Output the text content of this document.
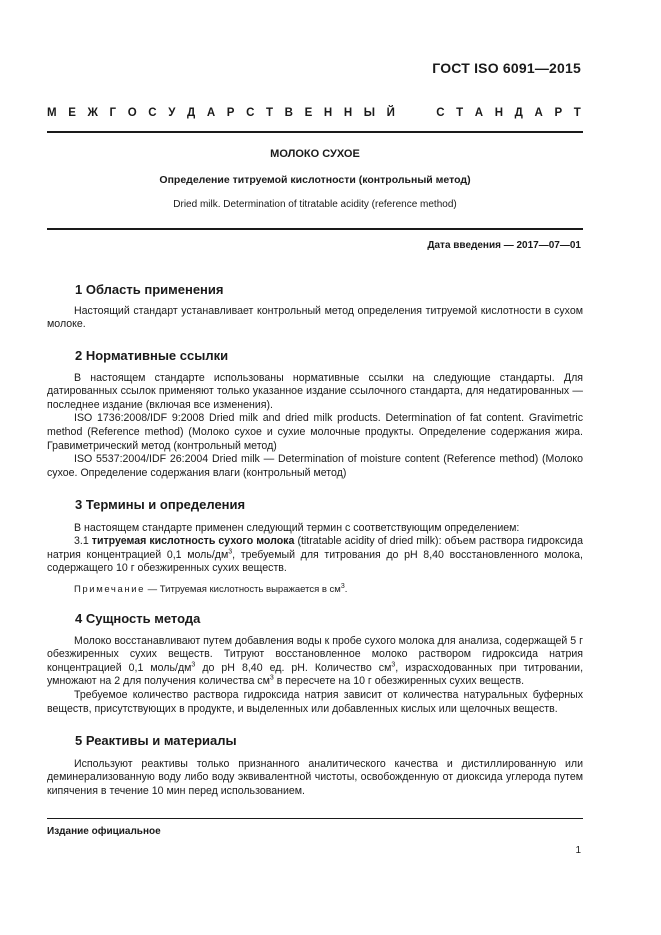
ГОСТ ISO 6091—2015
М Е Ж Г О С У Д А Р С Т В Е Н Н Ы Й

	С Т А Н Д А Р Т
МОЛОКО СУХОЕ
Определение титруемой кислотности (контрольный метод)
Dried milk. Determination of titratable acidity (reference method)
Дата введения — 2017—07—01
1 Область применения

Настоящий стандарт устанавливает контрольный метод определения титруемой кислотности в сухом молоке.

2 Нормативные ссылки

В настоящем стандарте использованы нормативные ссылки на следующие стандарты. Для датированных ссылок применяют только указанное издание ссылочного стандарта, для недатированных — последнее издание (включая все изменения).

ISO 1736:2008/IDF 9:2008 Dried milk and dried milk products. Determination of fat content. Gravimetric method (Reference method) (Молоко сухое и сухие молочные продукты. Определение содержания жира. Гравиметрический метод (контрольный метод)

ISO 5537:2004/IDF 26:2004 Dried milk — Determination of moisture content (Reference method) (Молоко сухое. Определение содержания влаги (контрольный метод)

3 Термины и определения

В настоящем стандарте применен следующий термин с соответствующим определением:

3.1 титруемая кислотность сухого молока (titratable acidity of dried milk): объем раствора гидроксида натрия концентрацией 0,1 моль/$дм^3$, требуемый для титрования до pH 8,40 восстановленного молока, содержащего 10 г обезжиренных сухих веществ.

Примечание — Титруемая кислотность выражается в $см^3$.

4 Сущность метода

Молоко восстанавливают путем добавления воды к пробе сухого молока для анализа, содержащей 5 г обезжиренных сухих веществ. Титруют восстановленное молоко раствором гидроксида натрия концентрацией 0,1 моль/$дм^3$ до pH 8,40 ед. pH. Количество $см^3$, израсходованных при титровании, умножают на 2 для получения количества $см^3$ в пересчете на 10 г обезжиренных сухих веществ.

Требуемое количество раствора гидроксида натрия зависит от количества натуральных буферных веществ, присутствующих в продукте, и выделенных или добавленных кислых или щелочных веществ.

5 Реактивы и материалы

Используют реактивы только признанного аналитического качества и дистиллированную или деминерализованную воду либо воду эквивалентной чистоты, освобожденную от диоксида углерода путем кипячения в течение 10 мин перед использованием.

Издание официальное
1
